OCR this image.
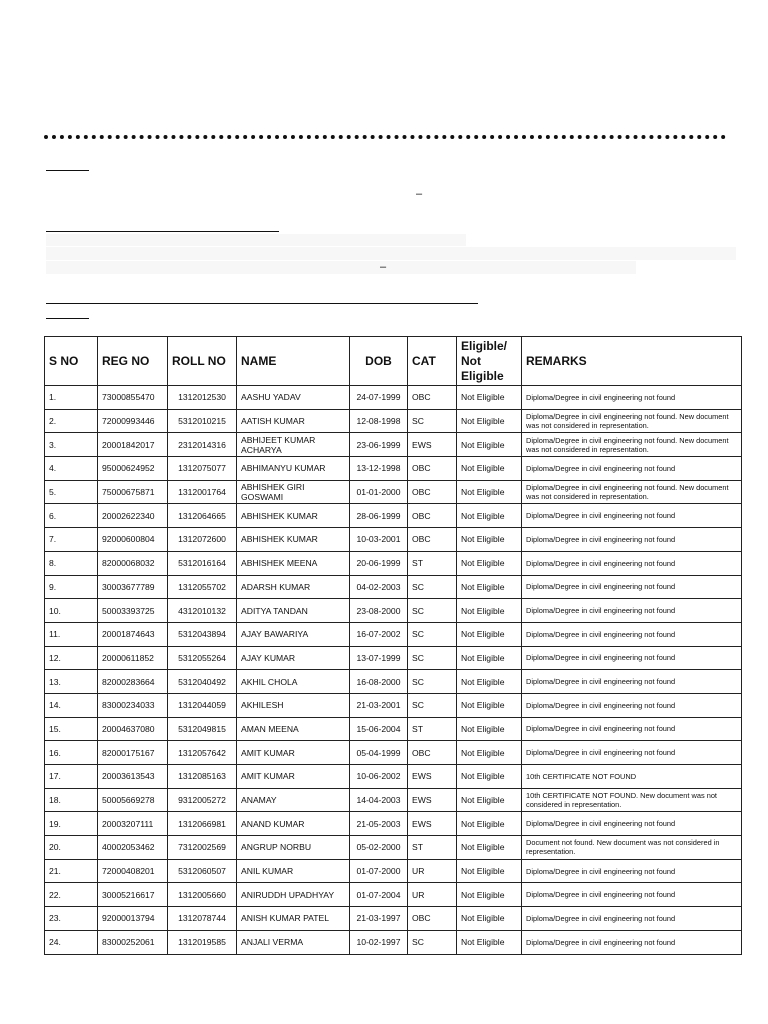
–
–
S NO	REG NO	ROLL NO	NAME	DOB	CAT	Eligible/ Not Eligible	REMARKS
1.	73000855470	1312012530	AASHU YADAV	24-07-1999	OBC	Not Eligible	Diploma/Degree in civil engineering not found
2.	72000993446	5312010215	AATISH KUMAR	12-08-1998	SC	Not Eligible	Diploma/Degree in civil engineering not found. New document was not considered in representation.
3.	20001842017	2312014316	ABHIJEET KUMAR ACHARYA	23-06-1999	EWS	Not Eligible	Diploma/Degree in civil engineering not found. New document was not considered in representation.
4.	95000624952	1312075077	ABHIMANYU KUMAR	13-12-1998	OBC	Not Eligible	Diploma/Degree in civil engineering not found
5.	75000675871	1312001764	ABHISHEK GIRI GOSWAMI	01-01-2000	OBC	Not Eligible	Diploma/Degree in civil engineering not found. New document was not considered in representation.
6.	20002622340	1312064665	ABHISHEK KUMAR	28-06-1999	OBC	Not Eligible	Diploma/Degree in civil engineering not found
7.	92000600804	1312072600	ABHISHEK KUMAR	10-03-2001	OBC	Not Eligible	Diploma/Degree in civil engineering not found
8.	82000068032	5312016164	ABHISHEK MEENA	20-06-1999	ST	Not Eligible	Diploma/Degree in civil engineering not found
9.	30003677789	1312055702	ADARSH KUMAR	04-02-2003	SC	Not Eligible	Diploma/Degree in civil engineering not found
10.	50003393725	4312010132	ADITYA TANDAN	23-08-2000	SC	Not Eligible	Diploma/Degree in civil engineering not found
11.	20001874643	5312043894	AJAY BAWARIYA	16-07-2002	SC	Not Eligible	Diploma/Degree in civil engineering not found
12.	20000611852	5312055264	AJAY KUMAR	13-07-1999	SC	Not Eligible	Diploma/Degree in civil engineering not found
13.	82000283664	5312040492	AKHIL CHOLA	16-08-2000	SC	Not Eligible	Diploma/Degree in civil engineering not found
14.	83000234033	1312044059	AKHILESH	21-03-2001	SC	Not Eligible	Diploma/Degree in civil engineering not found
15.	20004637080	5312049815	AMAN MEENA	15-06-2004	ST	Not Eligible	Diploma/Degree in civil engineering not found
16.	82000175167	1312057642	AMIT KUMAR	05-04-1999	OBC	Not Eligible	Diploma/Degree in civil engineering not found
17.	20003613543	1312085163	AMIT KUMAR	10-06-2002	EWS	Not Eligible	10th CERTIFICATE NOT FOUND
18.	50005669278	9312005272	ANAMAY	14-04-2003	EWS	Not Eligible	10th CERTIFICATE NOT FOUND. New document was not considered in representation.
19.	20003207111	1312066981	ANAND KUMAR	21-05-2003	EWS	Not Eligible	Diploma/Degree in civil engineering not found
20.	40002053462	7312002569	ANGRUP NORBU	05-02-2000	ST	Not Eligible	Document not found. New document was not considered in representation.
21.	72000408201	5312060507	ANIL KUMAR	01-07-2000	UR	Not Eligible	Diploma/Degree in civil engineering not found
22.	30005216617	1312005660	ANIRUDDH UPADHYAY	01-07-2004	UR	Not Eligible	Diploma/Degree in civil engineering not found
23.	92000013794	1312078744	ANISH KUMAR PATEL	21-03-1997	OBC	Not Eligible	Diploma/Degree in civil engineering not found
24.	83000252061	1312019585	ANJALI VERMA	10-02-1997	SC	Not Eligible	Diploma/Degree in civil engineering not found
